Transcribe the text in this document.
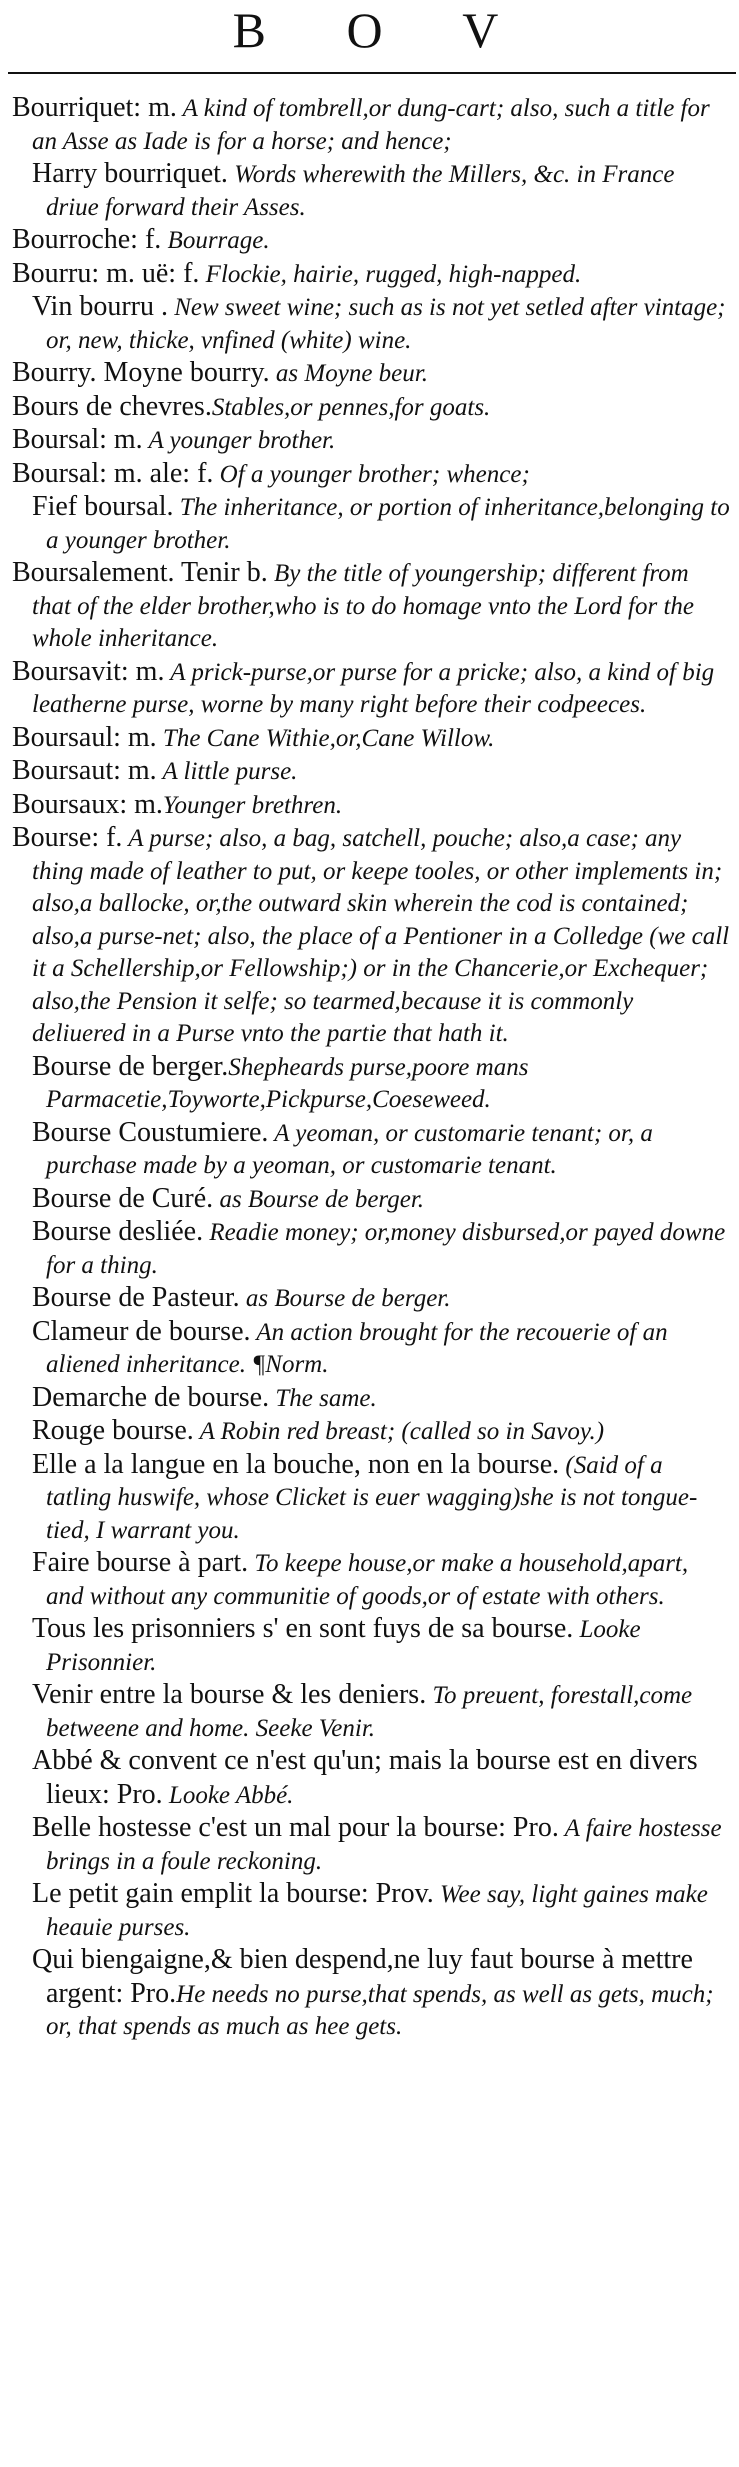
B O V

Bourriquet: m. A kind of tombrell,or dung-cart; also, such a title for an Asse as Iade is for a horse; and hence;

Harry bourriquet. Words wherewith the Millers, &c. in France driue forward their Asses.

Bourroche: f. Bourrage.

Bourru: m. uë: f. Flockie, hairie, rugged, high-napped.

Vin bourru . New sweet wine; such as is not yet setled after vintage; or, new, thicke, vnfined (white) wine.

Bourry. Moyne bourry. as Moyne beur.

Bours de chevres.Stables,or pennes,for goats.

Boursal: m. A younger brother.

Boursal: m. ale: f. Of a younger brother; whence;

Fief boursal. The inheritance, or portion of inheritance,belonging to a younger brother.

Boursalement. Tenir b. By the title of youngership; different from that of the elder brother,who is to do homage vnto the Lord for the whole inheritance.

Boursavit: m. A prick-purse,or purse for a pricke; also, a kind of big leatherne purse, worne by many right before their codpeeces.

Boursaul: m. The Cane Withie,or,Cane Willow.

Boursaut: m. A little purse.

Boursaux: m.Younger brethren.

Bourse: f. A purse; also, a bag, satchell, pouche; also,a case; any thing made of leather to put, or keepe tooles, or other implements in; also,a ballocke, or,the outward skin wherein the cod is contained; also,a purse-net; also, the place of a Pentioner in a Colledge (we call it a Schellership,or Fellowship;) or in the Chancerie,or Exchequer; also,the Pension it selfe; so tearmed,because it is commonly deliuered in a Purse vnto the partie that hath it.

Bourse de berger.Shepheards purse,poore mans Parmacetie,Toyworte,Pickpurse,Coeseweed.

Bourse Coustumiere. A yeoman, or customarie tenant; or, a purchase made by a yeoman, or customarie tenant.

Bourse de Curé. as Bourse de berger.

Bourse desliée. Readie money; or,money disbursed,or payed downe for a thing.

Bourse de Pasteur. as Bourse de berger.

Clameur de bourse. An action brought for the recouerie of an aliened inheritance. ¶Norm.

Demarche de bourse. The same.

Rouge bourse. A Robin red breast; (called so in Savoy.)

Elle a la langue en la bouche, non en la bourse. (Said of a tatling huswife, whose Clicket is euer wagging)she is not tongue-tied, I warrant you.

Faire bourse à part. To keepe house,or make a household,apart, and without any communitie of goods,or of estate with others.

Tous les prisonniers s' en sont fuys de sa bourse. Looke Prisonnier.

Venir entre la bourse & les deniers. To preuent, forestall,come betweene and home. Seeke Venir.

Abbé & convent ce n'est qu'un; mais la bourse est en divers lieux: Pro. Looke Abbé.

Belle hostesse c'est un mal pour la bourse: Pro. A faire hostesse brings in a foule reckoning.

Le petit gain emplit la bourse: Prov. Wee say, light gaines make heauie purses.

Qui biengaigne,& bien despend,ne luy faut bourse à mettre argent: Pro.He needs no purse,that spends, as well as gets, much; or, that spends as much as hee gets.
